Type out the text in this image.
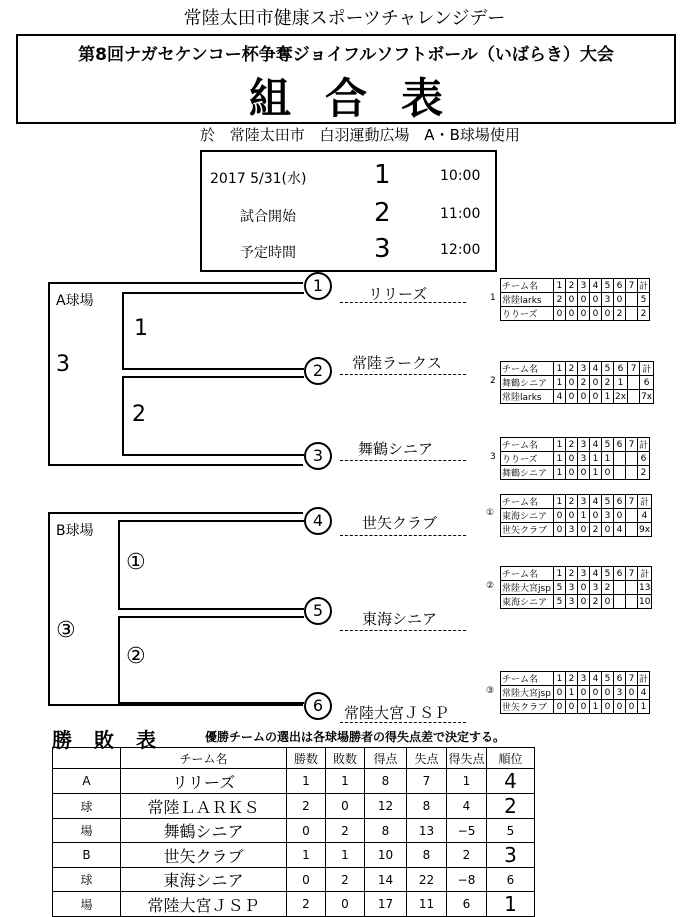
常陸太田市健康スポーツチャレンジデー
第8回ナガセケンコー杯争奪ジョイフルソフトボール（いばらき）大会
組合表
於 常陸太田市 白羽運動広場 A・B球場使用
2017 5/31(水)	1	10:00
試合開始	2	11:00
予定時間	3	12:00
A球場
1
2
3
1	リリーズ
2	常陸ラークス
3	舞鶴シニア
B球場
①
②
③
4	世矢クラブ
5	東海シニア
6	常陸大宮ＪＳＰ
1
チーム名	1	2	3	4	5	6	7	計
常陸larks	2	0	0	0	3	0		5
りりーズ	0	0	0	0	0	2		2
2
チーム名	1	2	3	4	5	6	7	計
舞鶴シニア	1	0	2	0	2	1		6
常陸larks	4	0	0	0	1	2x		7x
3
チーム名	1	2	3	4	5	6	7	計
りりーズ	1	0	3	1	1			6
舞鶴シニア	1	0	0	1	0			2
①
チーム名	1	2	3	4	5	6	7	計
東海シニア	0	0	1	0	3	0		4
世矢クラブ	0	3	0	2	0	4		9x
②
チーム名	1	2	3	4	5	6	7	計
常陸大宮jsp	5	3	0	3	2			13
東海シニア	5	3	0	2	0			10
③
チーム名	1	2	3	4	5	6	7	計
常陸大宮jsp	0	1	0	0	0	3	0	4
世矢クラブ	0	0	0	1	0	0	0	1
勝敗表 優勝チームの選出は各球場勝者の得失点差で決定する。
	チーム名	勝数	敗数	得点	失点	得失点	順位
A	リリーズ	1	1	8	7	1	4
球	常陸ＬＡＲＫＳ	2	0	12	8	4	2
場	舞鶴シニア	0	2	8	13	−5	5
B	世矢クラブ	1	1	10	8	2	3
球	東海シニア	0	2	14	22	−8	6
場	常陸大宮ＪＳＰ	2	0	17	11	6	1
